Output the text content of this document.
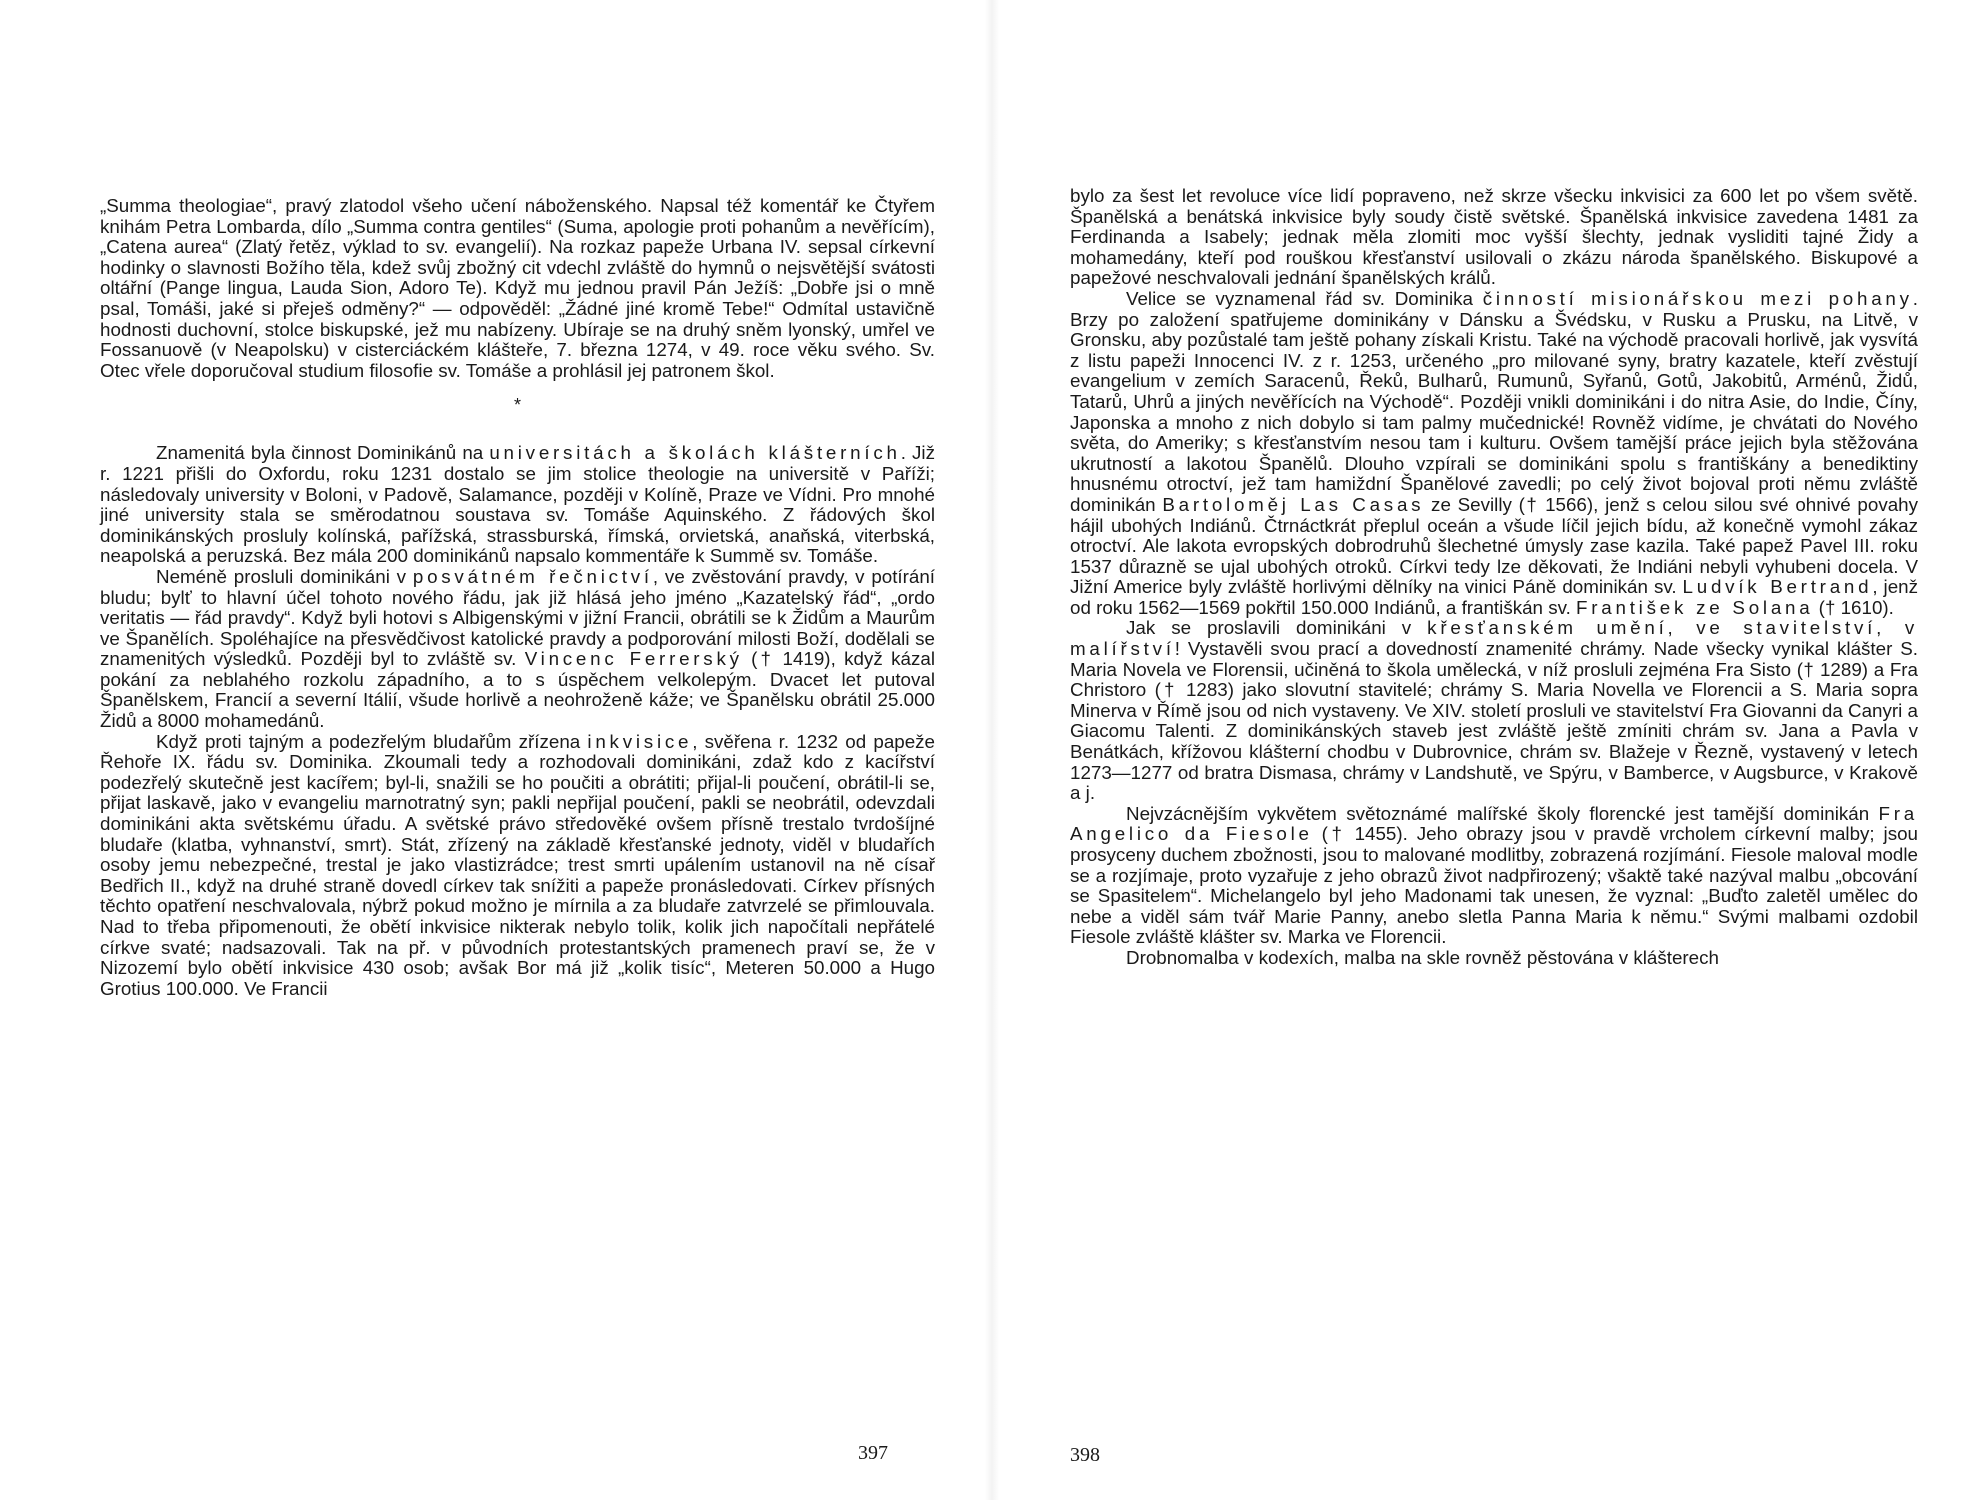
„Summa theologiae“, pravý zlatodol všeho učení náboženského. Napsal též komentář ke Čtyřem knihám Petra Lombarda, dílo „Summa contra gentiles“ (Suma, apologie proti pohanům a nevěřícím), „Catena aurea“ (Zlatý řetěz, výklad to sv. evangelií). Na rozkaz papeže Urbana IV. sepsal církevní hodinky o slavnosti Božího těla, kdež svůj zbožný cit vdechl zvláště do hymnů o nejsvětější svátosti oltářní (Pange lingua, Lauda Sion, Adoro Te). Když mu jednou pravil Pán Ježíš: „Dobře jsi o mně psal, Tomáši, jaké si přeješ odměny?“ — odpověděl: „Žádné jiné kromě Tebe!“ Odmítal ustavičně hodnosti duchovní, stolce biskupské, jež mu nabízeny. Ubíraje se na druhý sněm lyonský, umřel ve Fossanuově (v Neapolsku) v cisterciáckém klášteře, 7. března 1274, v 49. roce věku svého. Sv. Otec vřele doporučoval studium filosofie sv. Tomáše a prohlásil jej patronem škol.

*

Znamenitá byla činnost Dominikánů na universitách a školách klášterních. Již r. 1221 přišli do Oxfordu, roku 1231 dostalo se jim stolice theologie na universitě v Paříži; následovaly university v Boloni, v Padově, Salamance, později v Kolíně, Praze ve Vídni. Pro mnohé jiné university stala se směrodatnou soustava sv. Tomáše Aquinského. Z řádových škol dominikánských prosluly kolínská, pařížská, strassburská, římská, orvietská, anaňská, viterbská, neapolská a peruzská. Bez mála 200 dominikánů napsalo kommentáře k Summě sv. Tomáše.

Neméně prosluli dominikáni v posvátném řečnictví, ve zvěstování pravdy, v potírání bludu; bylť to hlavní účel tohoto nového řádu, jak již hlásá jeho jméno „Kazatelský řád“, „ordo veritatis — řád pravdy“. Když byli hotovi s Albigenskými v jižní Francii, obrátili se k Židům a Maurům ve Španělích. Spoléhajíce na přesvědčivost katolické pravdy a podporování milosti Boží, dodělali se znamenitých výsledků. Později byl to zvláště sv. Vincenc Ferrerský († 1419), když kázal pokání za neblahého rozkolu západního, a to s úspěchem velkolepým. Dvacet let putoval Španělskem, Francií a severní Itálií, všude horlivě a neohroženě káže; ve Španělsku obrátil 25.000 Židů a 8000 mohamedánů.

Když proti tajným a podezřelým bludařům zřízena inkvisice, svěřena r. 1232 od papeže Řehoře IX. řádu sv. Dominika. Zkoumali tedy a rozhodovali dominikáni, zdaž kdo z kacířství podezřelý skutečně jest kacířem; byl-li, snažili se ho poučiti a obrátiti; přijal-li poučení, obrátil-li se, přijat laskavě, jako v evangeliu marnotratný syn; pakli nepřijal poučení, pakli se neobrátil, odevzdali dominikáni akta světskému úřadu. A světské právo středověké ovšem přísně trestalo tvrdošíjné bludaře (klatba, vyhnanství, smrt). Stát, zřízený na základě křesťanské jednoty, viděl v bludařích osoby jemu nebezpečné, trestal je jako vlastizrádce; trest smrti upálením ustanovil na ně císař Bedřich II., když na druhé straně dovedl církev tak snížiti a papeže pronásledovati. Církev přísných těchto opatření neschvalovala, nýbrž pokud možno je mírnila a za bludaře zatvrzelé se přimlouvala. Nad to třeba připomenouti, že obětí inkvisice nikterak nebylo tolik, kolik jich napočítali nepřátelé církve svaté; nadsazovali. Tak na př. v původních protestantských pramenech praví se, že v Nizozemí bylo obětí inkvisice 430 osob; avšak Bor má již „kolik tisíc“, Meteren 50.000 a Hugo Grotius 100.000. Ve Francii

397

bylo za šest let revoluce více lidí popraveno, než skrze všecku inkvisici za 600 let po všem světě. Španělská a benátská inkvisice byly soudy čistě světské. Španělská inkvisice zavedena 1481 za Ferdinanda a Isabely; jednak měla zlomiti moc vyšší šlechty, jednak vysliditi tajné Židy a mohamedány, kteří pod rouškou křesťanství usilovali o zkázu národa španělského. Biskupové a papežové neschvalovali jednání španělských králů.

Velice se vyznamenal řád sv. Dominika činností misionářskou mezi pohany. Brzy po založení spatřujeme dominikány v Dánsku a Švédsku, v Rusku a Prusku, na Litvě, v Gronsku, aby pozůstalé tam ještě pohany získali Kristu. Také na východě pracovali horlivě, jak vysvítá z listu papeži Innocenci IV. z r. 1253, určeného „pro milované syny, bratry kazatele, kteří zvěstují evangelium v zemích Saracenů, Řeků, Bulharů, Rumunů, Syřanů, Gotů, Jakobitů, Arménů, Židů, Tatarů, Uhrů a jiných nevěřících na Východě“. Později vnikli dominikáni i do nitra Asie, do Indie, Číny, Japonska a mnoho z nich dobylo si tam palmy mučednické! Rovněž vidíme, je chvátati do Nového světa, do Ameriky; s křesťanstvím nesou tam i kulturu. Ovšem tamější práce jejich byla stěžována ukrutností a lakotou Španělů. Dlouho vzpírali se dominikáni spolu s františkány a benediktiny hnusnému otroctví, jež tam hamiždní Španělové zavedli; po celý život bojoval proti němu zvláště dominikán Bartoloměj Las Casas ze Sevilly († 1566), jenž s celou silou své ohnivé povahy hájil ubohých Indiánů. Čtrnáctkrát přeplul oceán a všude líčil jejich bídu, až konečně vymohl zákaz otroctví. Ale lakota evropských dobrodruhů šlechetné úmysly zase kazila. Také papež Pavel III. roku 1537 důrazně se ujal ubohých otroků. Církvi tedy lze děkovati, že Indiáni nebyli vyhubeni docela. V Jižní Americe byly zvláště horlivými dělníky na vinici Páně dominikán sv. Ludvík Bertrand, jenž od roku 1562—1569 pokřtil 150.000 Indiánů, a františkán sv. František ze Solana († 1610).

Jak se proslavili dominikáni v křesťanském umění, ve stavitelství, v malířství! Vystavěli svou prací a dovedností znamenité chrámy. Nade všecky vynikal klášter S. Maria Novela ve Florensii, učiněná to škola umělecká, v níž prosluli zejména Fra Sisto († 1289) a Fra Christoro († 1283) jako slovutní stavitelé; chrámy S. Maria Novella ve Florencii a S. Maria sopra Minerva v Římě jsou od nich vystaveny. Ve XIV. století prosluli ve stavitelství Fra Giovanni da Canyri a Giacomu Talenti. Z dominikánských staveb jest zvláště ještě zmíniti chrám sv. Jana a Pavla v Benátkách, křížovou klášterní chodbu v Dubrovnice, chrám sv. Blažeje v Řezně, vystavený v letech 1273—1277 od bratra Dismasa, chrámy v Landshutě, ve Spýru, v Bamberce, v Augsburce, v Krakově a j.

Nejvzácnějším vykvětem světoznámé malířské školy florencké jest tamější dominikán Fra Angelico da Fiesole († 1455). Jeho obrazy jsou v pravdě vrcholem církevní malby; jsou prosyceny duchem zbožnosti, jsou to malované modlitby, zobrazená rozjímání. Fiesole maloval modle se a rozjímaje, proto vyzařuje z jeho obrazů život nadpřirozený; všaktě také nazýval malbu „obcování se Spasitelem“. Michelangelo byl jeho Madonami tak unesen, že vyznal: „Buďto zaletěl umělec do nebe a viděl sám tvář Marie Panny, anebo sletla Panna Maria k němu.“ Svými malbami ozdobil Fiesole zvláště klášter sv. Marka ve Florencii.

Drobnomalba v kodexích, malba na skle rovněž pěstována v klášterech

398
